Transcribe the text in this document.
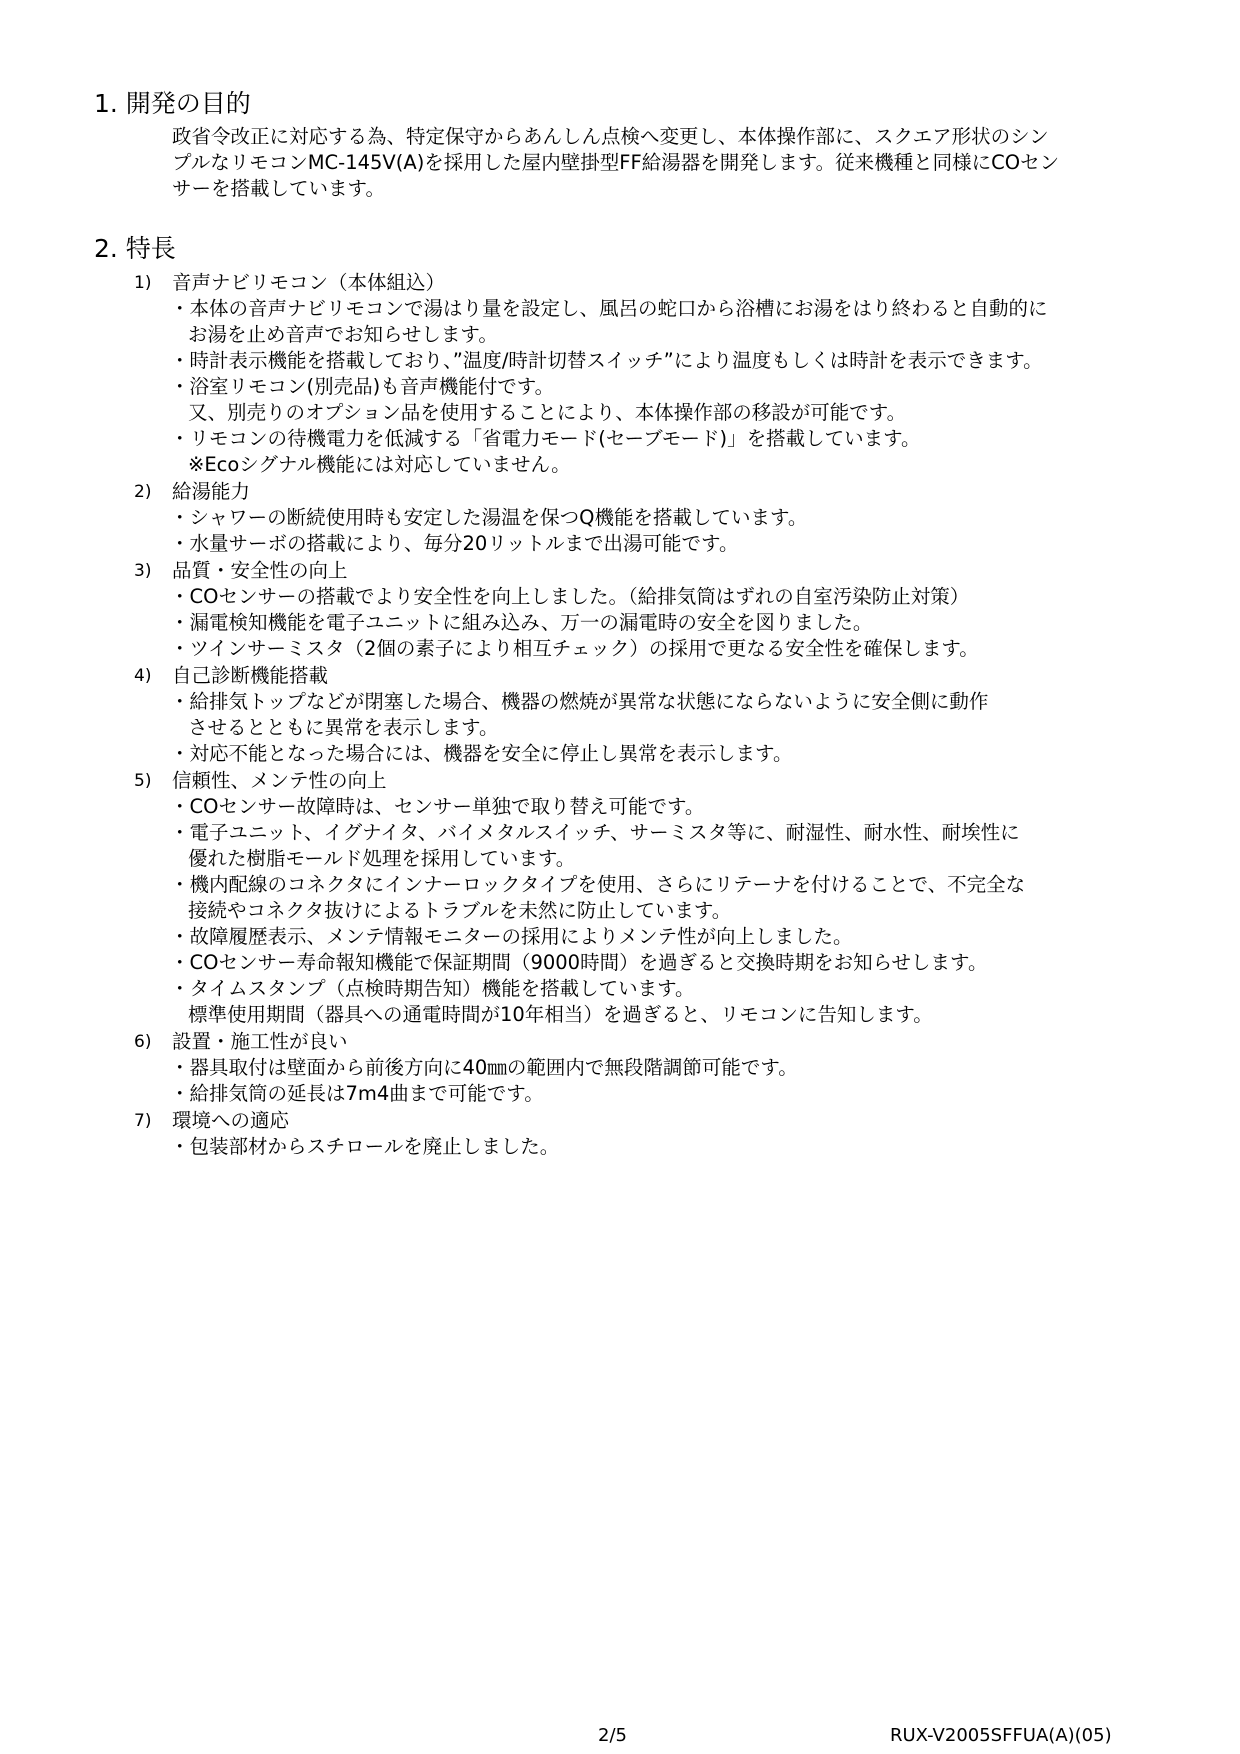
1. 開発の目的
政省令改正に対応する為、特定保守からあんしん点検へ変更し、本体操作部に、スクエア形状のシン
プルなリモコンMC-145V(A)を採用した屋内壁掛型FF給湯器を開発します。従来機種と同様にCOセン
サーを搭載しています。
2. 特長
1) 音声ナビリモコン（本体組込）
・本体の音声ナビリモコンで湯はり量を設定し、風呂の蛇口から浴槽にお湯をはり終わると自動的に
お湯を止め音声でお知らせします。
・時計表示機能を搭載しており、”温度/時計切替スイッチ”により温度もしくは時計を表示できます。
・浴室リモコン(別売品)も音声機能付です。
又、別売りのオプション品を使用することにより、本体操作部の移設が可能です。
・リモコンの待機電力を低減する「省電力モード(セーブモード)」を搭載しています。
※Ecoシグナル機能には対応していません。
2) 給湯能力
・シャワーの断続使用時も安定した湯温を保つQ機能を搭載しています。
・水量サーボの搭載により、毎分20リットルまで出湯可能です。
3) 品質・安全性の向上
・COセンサーの搭載でより安全性を向上しました。（給排気筒はずれの自室汚染防止対策）
・漏電検知機能を電子ユニットに組み込み、万一の漏電時の安全を図りました。
・ツインサーミスタ（2個の素子により相互チェック）の採用で更なる安全性を確保します。
4) 自己診断機能搭載
・給排気トップなどが閉塞した場合、機器の燃焼が異常な状態にならないように安全側に動作
させるとともに異常を表示します。
・対応不能となった場合には、機器を安全に停止し異常を表示します。
5) 信頼性、メンテ性の向上
・COセンサー故障時は、センサー単独で取り替え可能です。
・電子ユニット、イグナイタ、バイメタルスイッチ、サーミスタ等に、耐湿性、耐水性、耐埃性に
優れた樹脂モールド処理を採用しています。
・機内配線のコネクタにインナーロックタイプを使用、さらにリテーナを付けることで、不完全な
接続やコネクタ抜けによるトラブルを未然に防止しています。
・故障履歴表示、メンテ情報モニターの採用によりメンテ性が向上しました。
・COセンサー寿命報知機能で保証期間（9000時間）を過ぎると交換時期をお知らせします。
・タイムスタンプ（点検時期告知）機能を搭載しています。
標準使用期間（器具への通電時間が10年相当）を過ぎると、リモコンに告知します。
6) 設置・施工性が良い
・器具取付は壁面から前後方向に40㎜の範囲内で無段階調節可能です。
・給排気筒の延長は7m4曲まで可能です。
7) 環境への適応
・包装部材からスチロールを廃止しました。
2/5	RUX-V2005SFFUA(A)(05)
